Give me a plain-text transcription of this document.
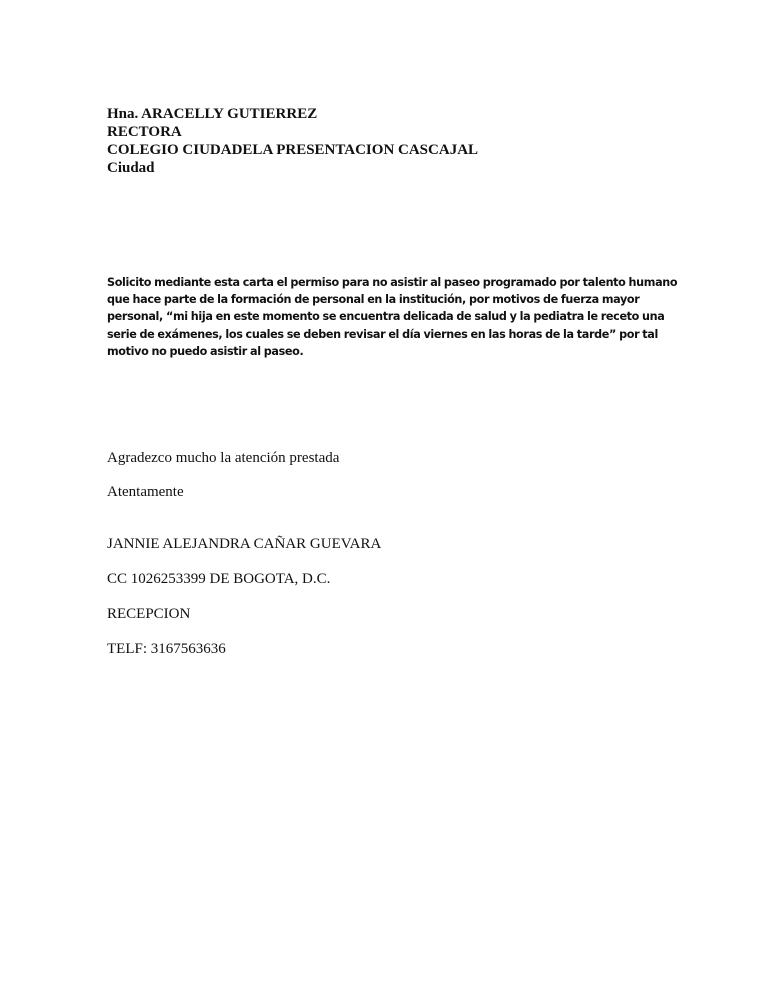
Hna. ARACELLY GUTIERREZ
RECTORA
COLEGIO CIUDADELA PRESENTACION CASCAJAL
Ciudad
Solicito mediante esta carta el permiso para no asistir al paseo programado por talento humano
que hace parte de la formación de personal en la institución, por motivos de fuerza mayor
personal, “mi hija en este momento se encuentra delicada de salud y la pediatra le receto una
serie de exámenes, los cuales se deben revisar el día viernes en las horas de la tarde” por tal
motivo no puedo asistir al paseo.
Agradezco mucho la atención prestada
Atentamente
JANNIE ALEJANDRA CAÑAR GUEVARA
CC 1026253399 DE BOGOTA, D.C.
RECEPCION
TELF: 3167563636
